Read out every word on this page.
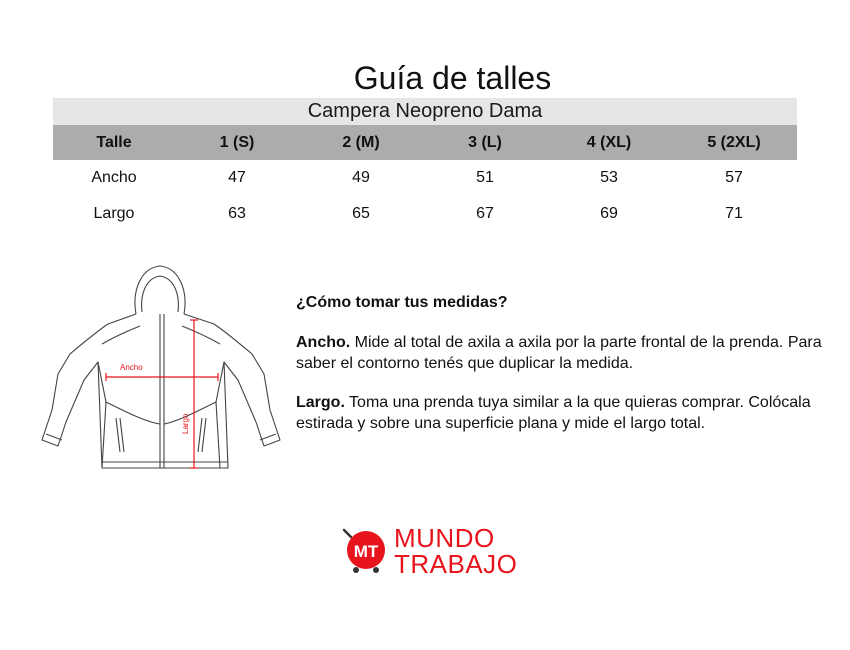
Guía de talles
Campera Neopreno Dama
Talle	1 (S)	2 (M)	3 (L)	4 (XL)	5 (2XL)
Ancho	47	49	51	53	57
Largo	63	65	67	69	71
Ancho
Largo
¿Cómo tomar tus medidas?

Ancho. Mide al total de axila a axila por la parte frontal de la prenda. Para saber el contorno tenés que duplicar la medida.

Largo. Toma una prenda tuya similar a la que quieras comprar. Colócala estirada y sobre una superficie plana y mide el largo total.

MT MUNDO
TRABAJO
